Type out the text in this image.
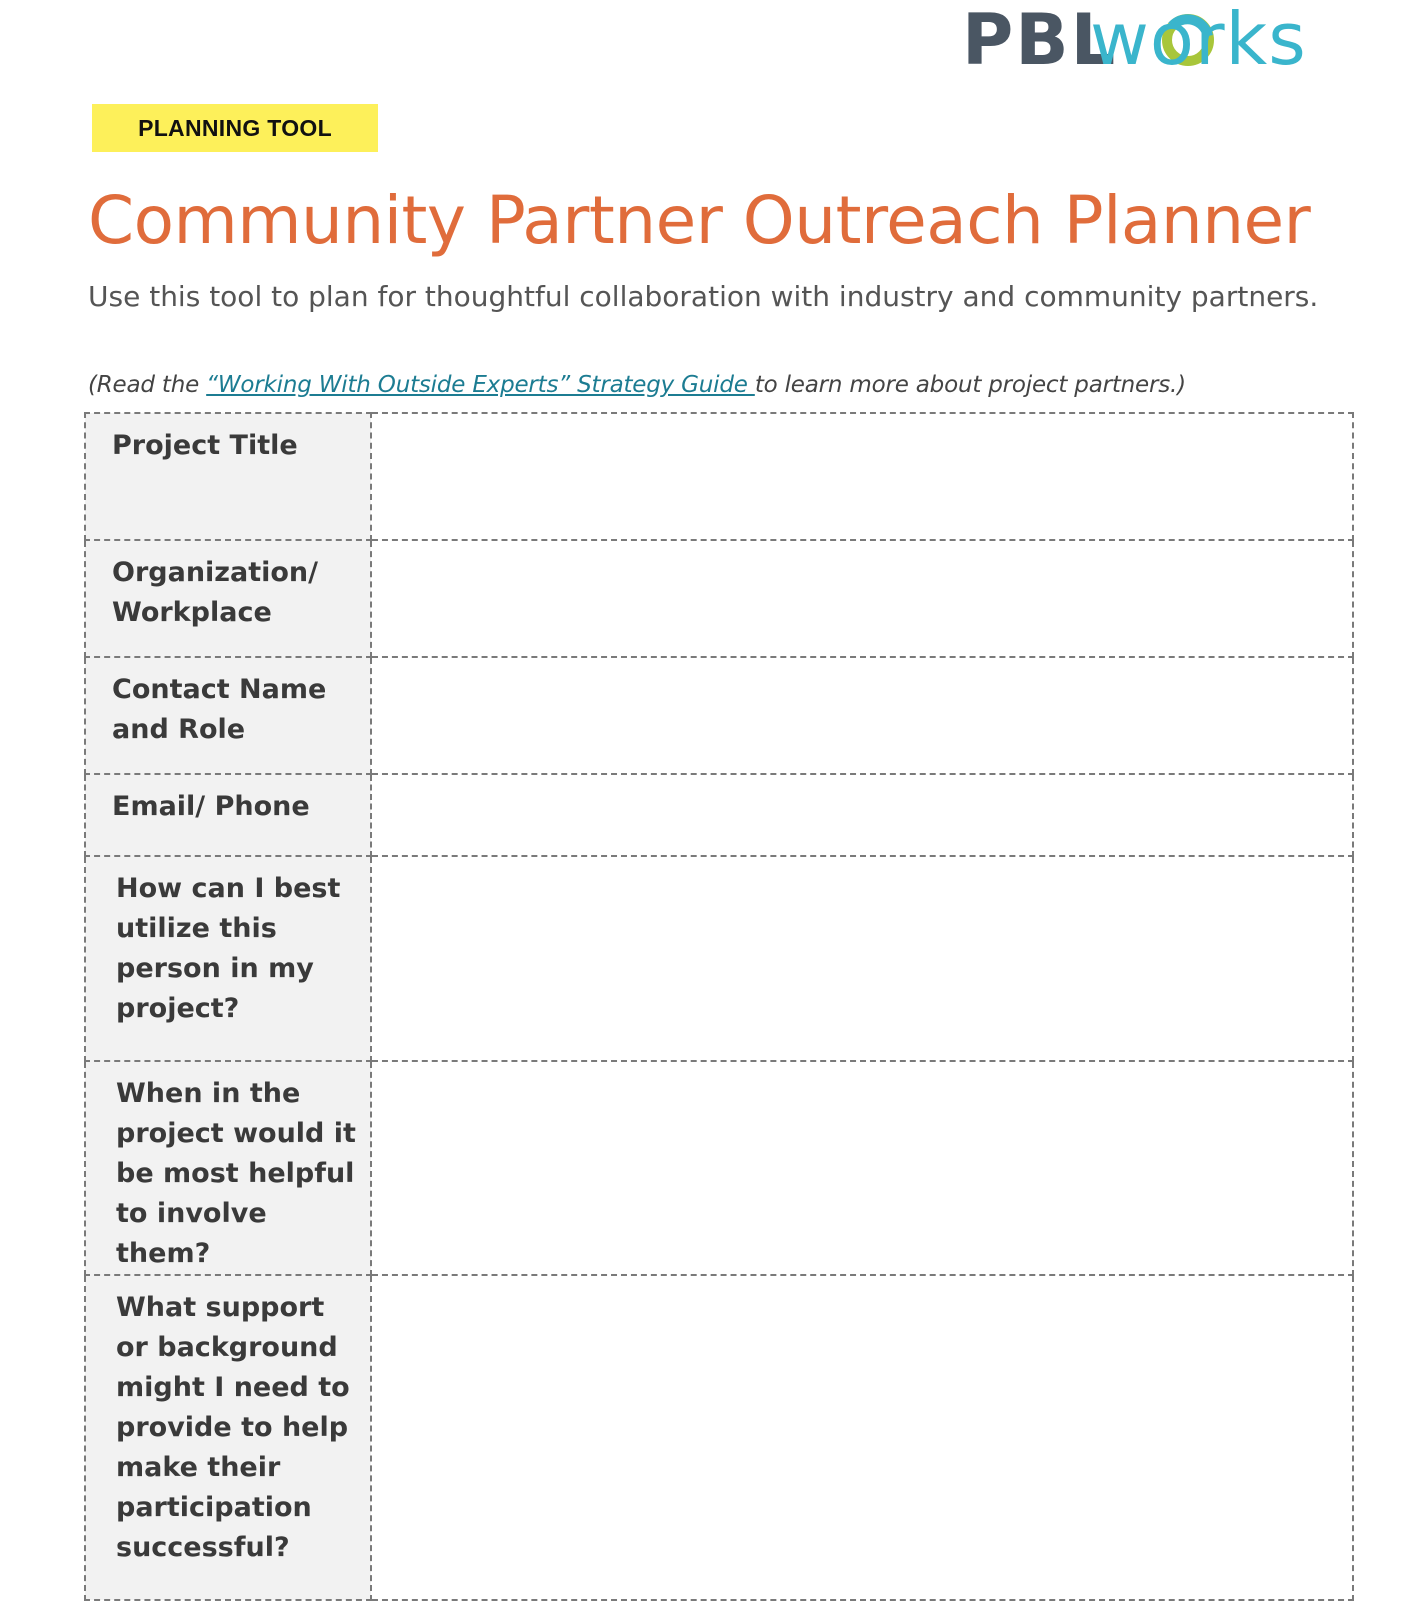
PBL
works
PLANNING TOOL
Community Partner Outreach Planner

Use this tool to plan for thoughtful collaboration with industry and community partners.

(Read the “Working With Outside Experts” Strategy Guide to learn more about project partners.)

Project Title	
Organization/ Workplace	
Contact Name and Role	
Email/ Phone	
How can I best utilize this person in my project?	
When in the project would it be most helpful to involve them?	
What support or background might I need to provide to help make their participation successful?	
